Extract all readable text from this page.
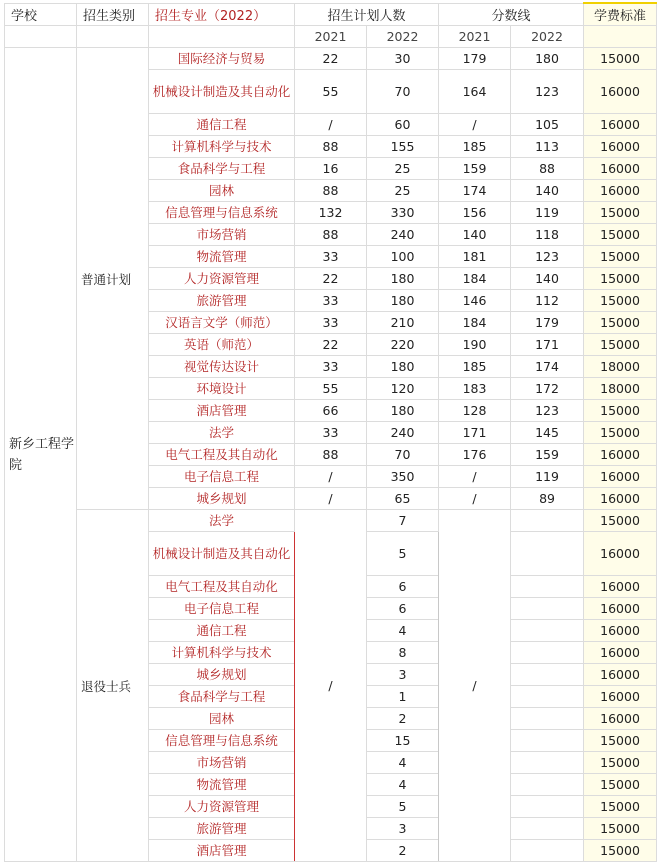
学校	招生类别	招生专业（2022）	招生计划人数		分数线		学费标准
			2021	2022	2021	2022	
新乡工程学院	普通计划	国际经济与贸易	22	30	179	180	15000
		机械设计制造及其自动化	55	70	164	123	16000
		通信工程	/	60	/	105	16000
		计算机科学与技术	88	155	185	113	16000
		食品科学与工程	16	25	159	88	16000
		园林	88	25	174	140	16000
		信息管理与信息系统	132	330	156	119	15000
		市场营销	88	240	140	118	15000
		物流管理	33	100	181	123	15000
		人力资源管理	22	180	184	140	15000
		旅游管理	33	180	146	112	15000
		汉语言文学（师范）	33	210	184	179	15000
		英语（师范）	22	220	190	171	15000
		视觉传达设计	33	180	185	174	18000
		环境设计	55	120	183	172	18000
		酒店管理	66	180	128	123	15000
		法学	33	240	171	145	15000
		电气工程及其自动化	88	70	176	159	16000
		电子信息工程	/	350	/	119	16000
		城乡规划	/	65	/	89	16000
	退役士兵	法学	/	7	/		15000
		机械设计制造及其自动化		5			16000
		电气工程及其自动化		6			16000
		电子信息工程		6			16000
		通信工程		4			16000
		计算机科学与技术		8			16000
		城乡规划		3			16000
		食品科学与工程		1			16000
		园林		2			16000
		信息管理与信息系统		15			15000
		市场营销		4			15000
		物流管理		4			15000
		人力资源管理		5			15000
		旅游管理		3			15000
		酒店管理		2			15000
